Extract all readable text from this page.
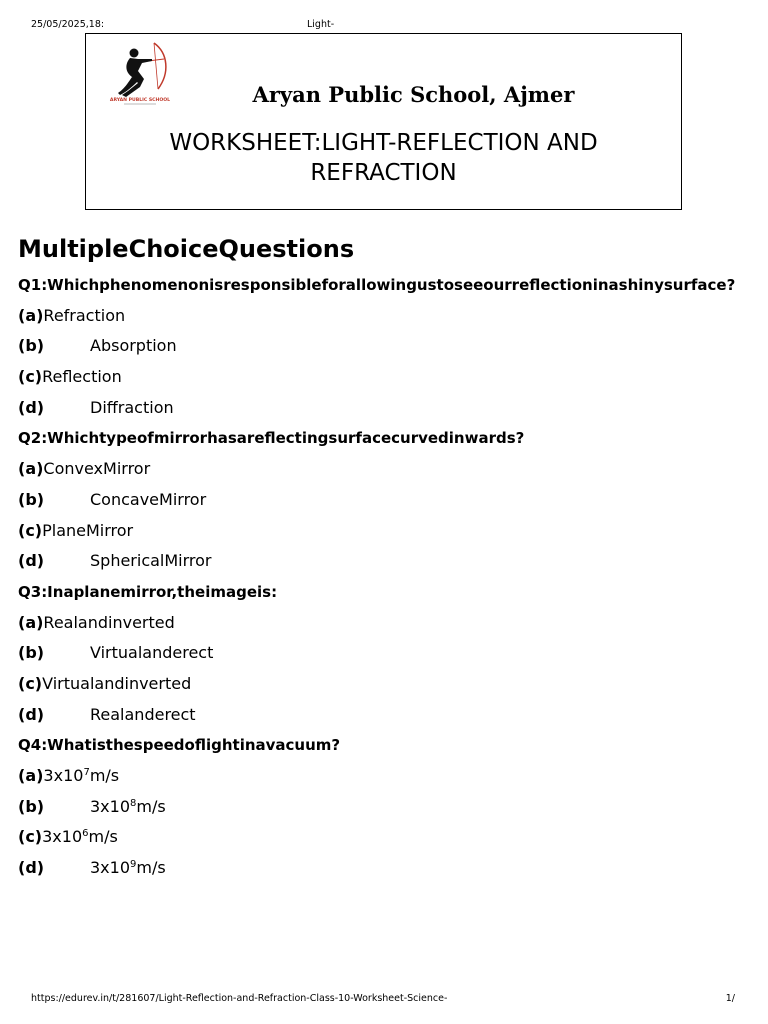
25/05/2025,18:	Light-
ARYAN PUBLIC SCHOOL	Aryan Public School, Ajmer
WORKSHEET:LIGHT-REFLECTION AND REFRACTION
MultipleChoiceQuestions
Q1:Whichphenomenonisresponsibleforallowingustoseeourreflectioninashinysurface?
(a)Refraction
(b)	Absorption
(c)Reflection
(d)	Diffraction
Q2:Whichtypeofmirrorhasareflectingsurfacecurvedinwards?
(a)ConvexMirror
(b)	ConcaveMirror
(c)PlaneMirror
(d)	SphericalMirror
Q3:Inaplanemirror,theimageis:
(a)Realandinverted
(b)	Virtualanderect
(c)Virtualandinverted
(d)	Realanderect
Q4:Whatisthespeedoflightinavacuum?
$(a)3x10^7m/s$
(b)	$3x10^8m/s$
$(c)3x10^6m/s$
(d)	$3x10^9m/s$
https://edurev.in/t/281607/Light-Reflection-and-Refraction-Class-10-Worksheet-Science-	1/
